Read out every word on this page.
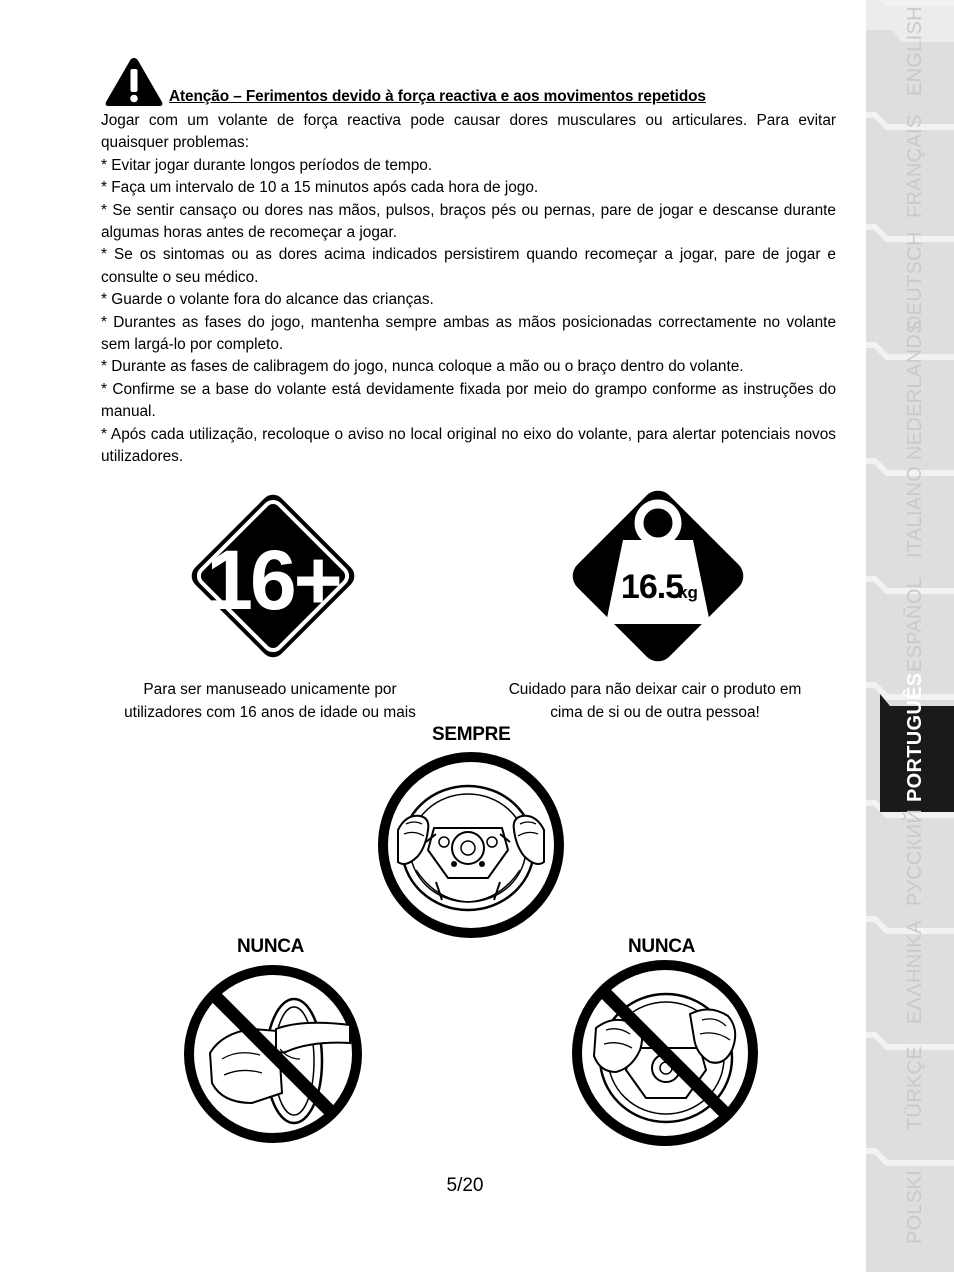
Atenção – Ferimentos devido à força reactiva e aos movimentos repetidos

Jogar com um volante de força reactiva pode causar dores musculares ou articulares. Para evitar quaisquer problemas:

* Evitar jogar durante longos períodos de tempo.

* Faça um intervalo de 10 a 15 minutos após cada hora de jogo.

* Se sentir cansaço ou dores nas mãos, pulsos, braços pés ou pernas, pare de jogar e descanse durante algumas horas antes de recomeçar a jogar.

* Se os sintomas ou as dores acima indicados persistirem quando recomeçar a jogar, pare de jogar e consulte o seu médico.

* Guarde o volante fora do alcance das crianças.

* Durantes as fases do jogo, mantenha sempre ambas as mãos posicionadas correctamente no volante sem largá-lo por completo.

* Durante as fases de calibragem do jogo, nunca coloque a mão ou o braço dentro do volante.

* Confirme se a base do volante está devidamente fixada por meio do grampo conforme as instruções do manual.

* Após cada utilização, recoloque o aviso no local original no eixo do volante, para alertar potenciais novos utilizadores.

16+	16.5
kg
Para ser manuseado unicamente por
utilizadores com 16 anos de idade ou mais
Cuidado para não deixar cair o produto em
cima de si ou de outra pessoa!
SEMPRE
NUNCA	NUNCA
5/20
ENGLISH
FRANÇAIS
DEUTSCH
NEDERLANDS
ITALIANO
ESPAÑOL
PORTUGUÊS
РУССКИЙ
ΕΛΛΗΝΙΚΑ
TÜRKÇE
POLSKI
